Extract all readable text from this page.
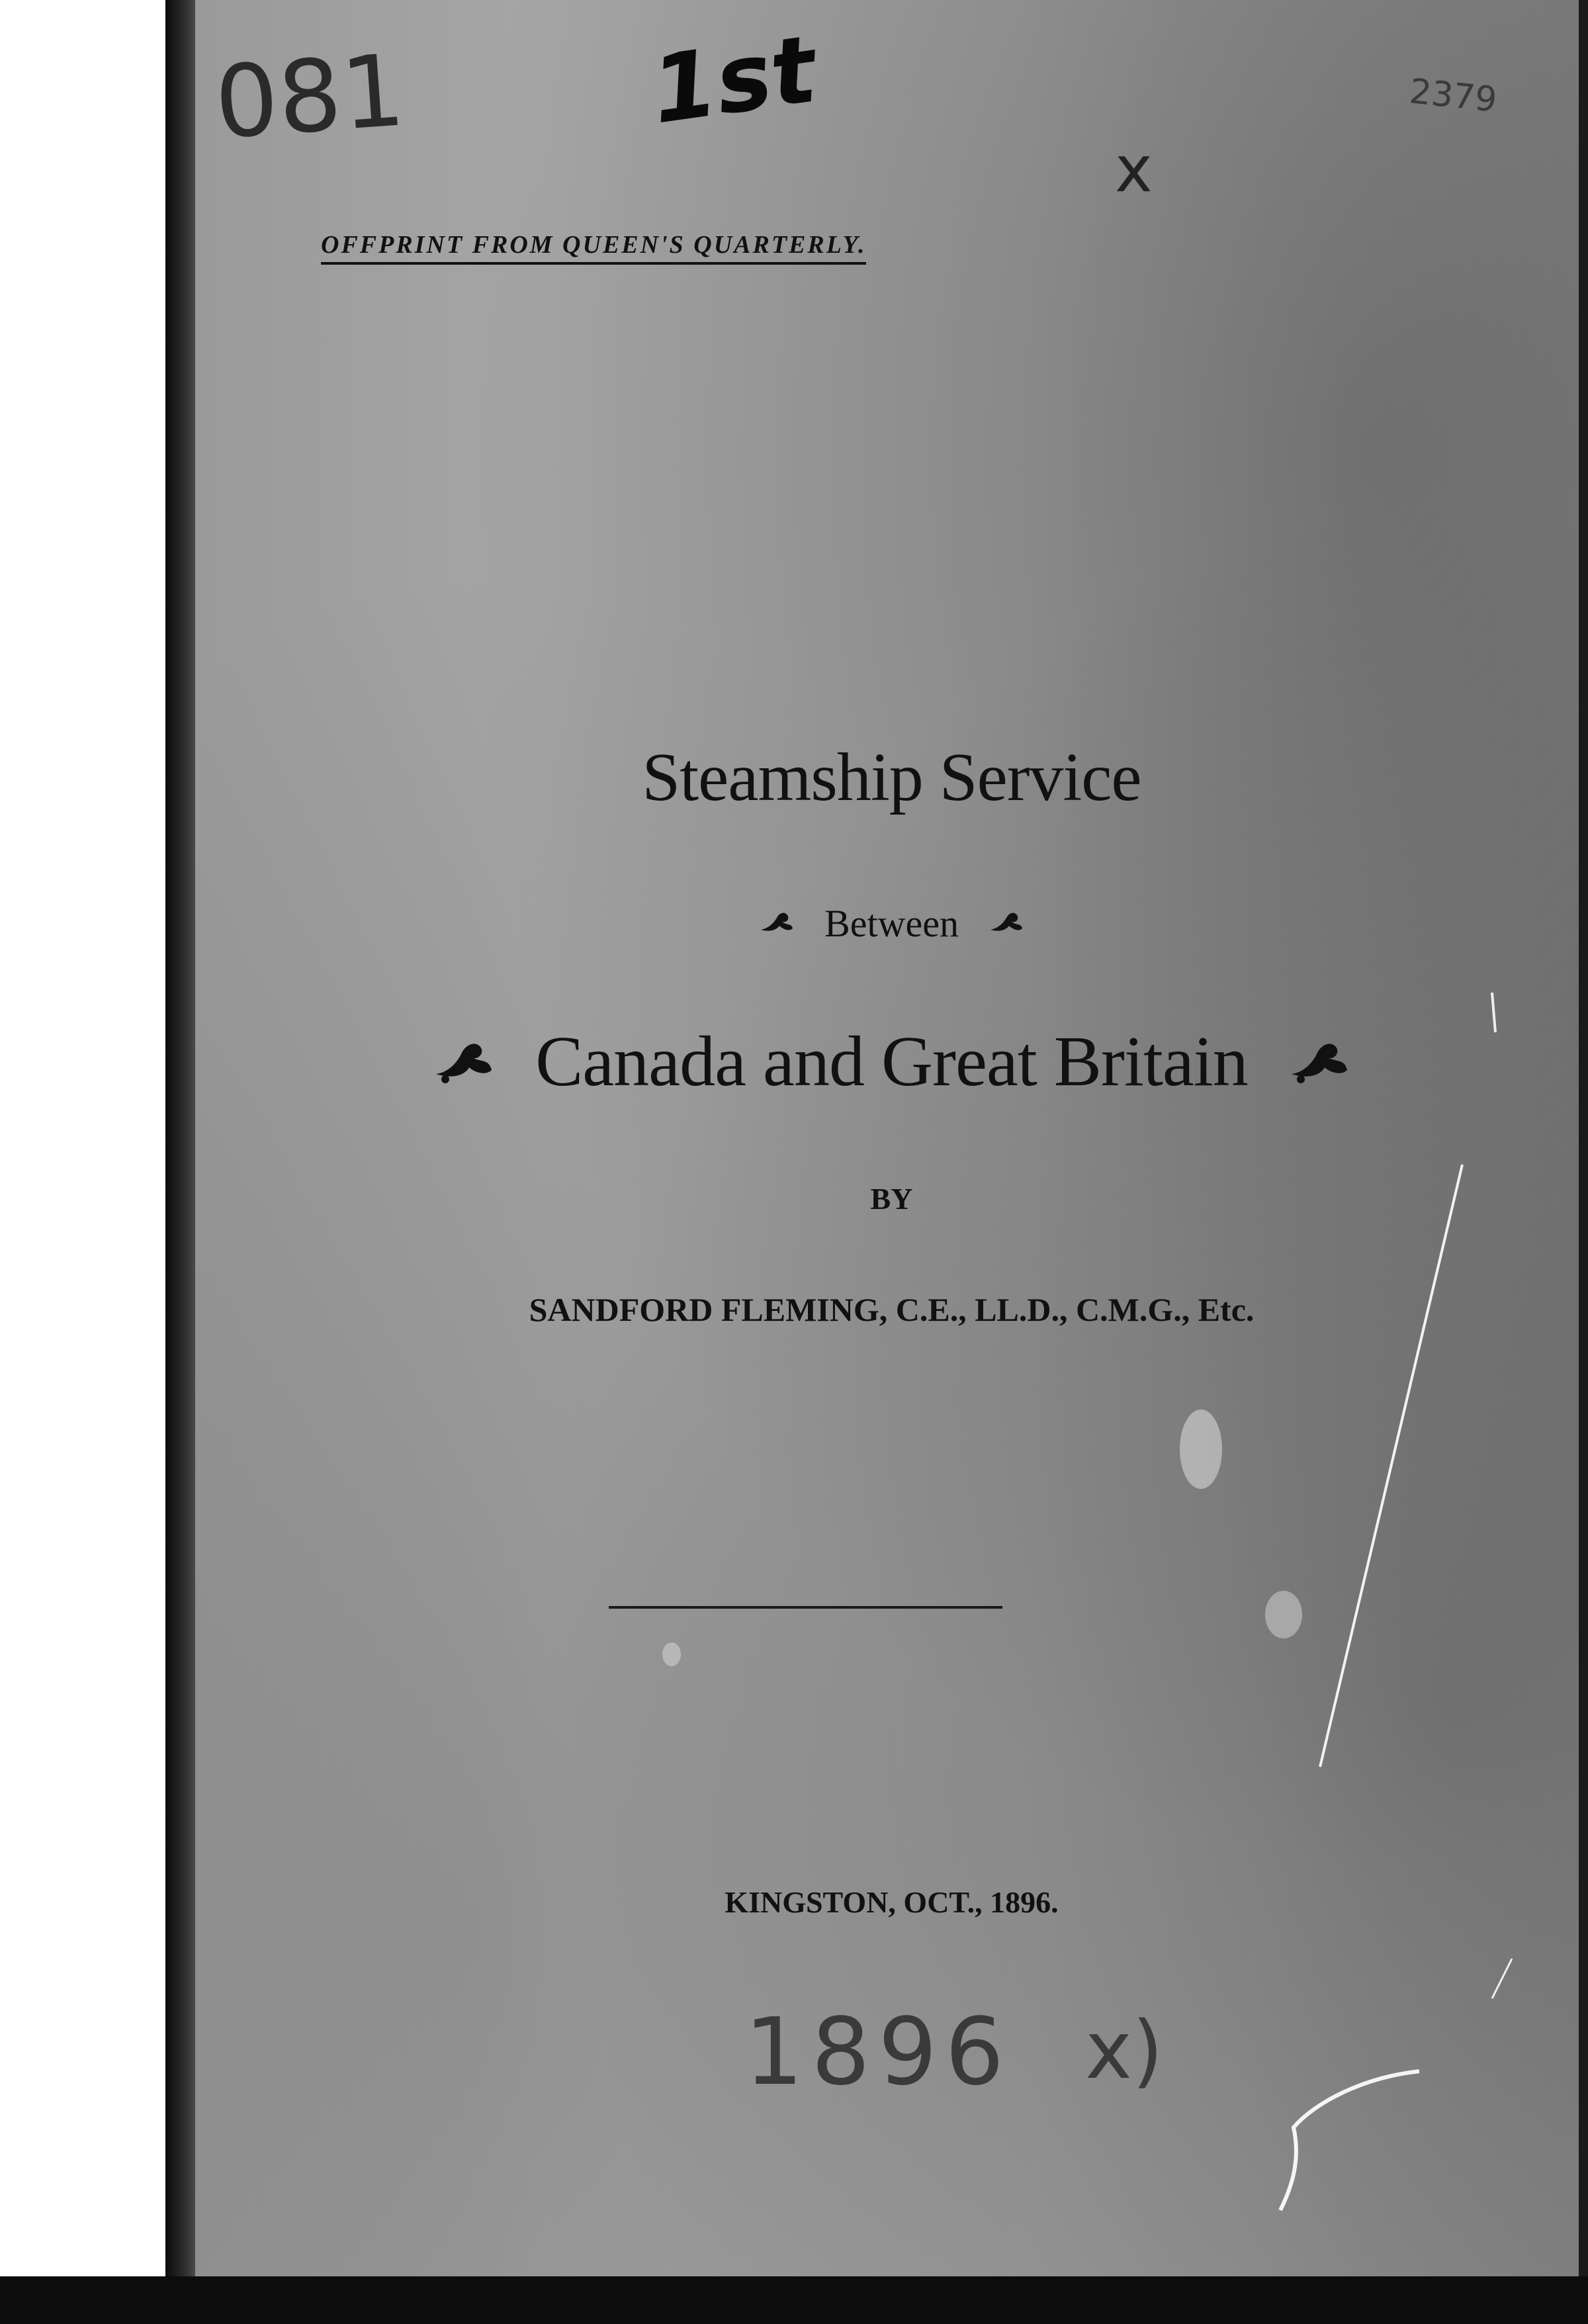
081	1st
x
2379
OFFPRINT FROM QUEEN'S QUARTERLY.
Steamship Service
Between
Canada and Great Britain
BY
SANDFORD FLEMING, C.E., LL.D., C.M.G., Etc.
KINGSTON, OCT., 1896.
1896 x)
